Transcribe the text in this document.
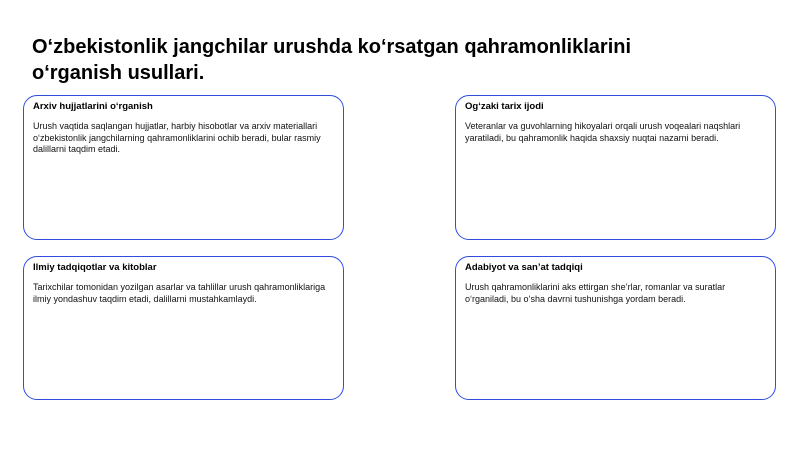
O‘zbekistonlik jangchilar urushda ko‘rsatgan qahramonliklarini o‘rganish usullari.

Arxiv hujjatlarini o‘rganish

Urush vaqtida saqlangan hujjatlar, harbiy hisobotlar va arxiv materiallari o‘zbekistonlik jangchilarning qahramonliklarini ochib beradi, bular rasmiy dalillarni taqdim etadi.

Og‘zaki tarix ijodi

Veteranlar va guvohlarning hikoyalari orqali urush voqealari naqshlari yaratiladi, bu qahramonlik haqida shaxsiy nuqtai nazarni beradi.

Ilmiy tadqiqotlar va kitoblar

Tarixchilar tomonidan yozilgan asarlar va tahlillar urush qahramonliklariga ilmiy yondashuv taqdim etadi, dalillarni mustahkamlaydi.

Adabiyot va san’at tadqiqi

Urush qahramonliklarini aks ettirgan she’rlar, romanlar va suratlar o‘rganiladi, bu o‘sha davrni tushunishga yordam beradi.
